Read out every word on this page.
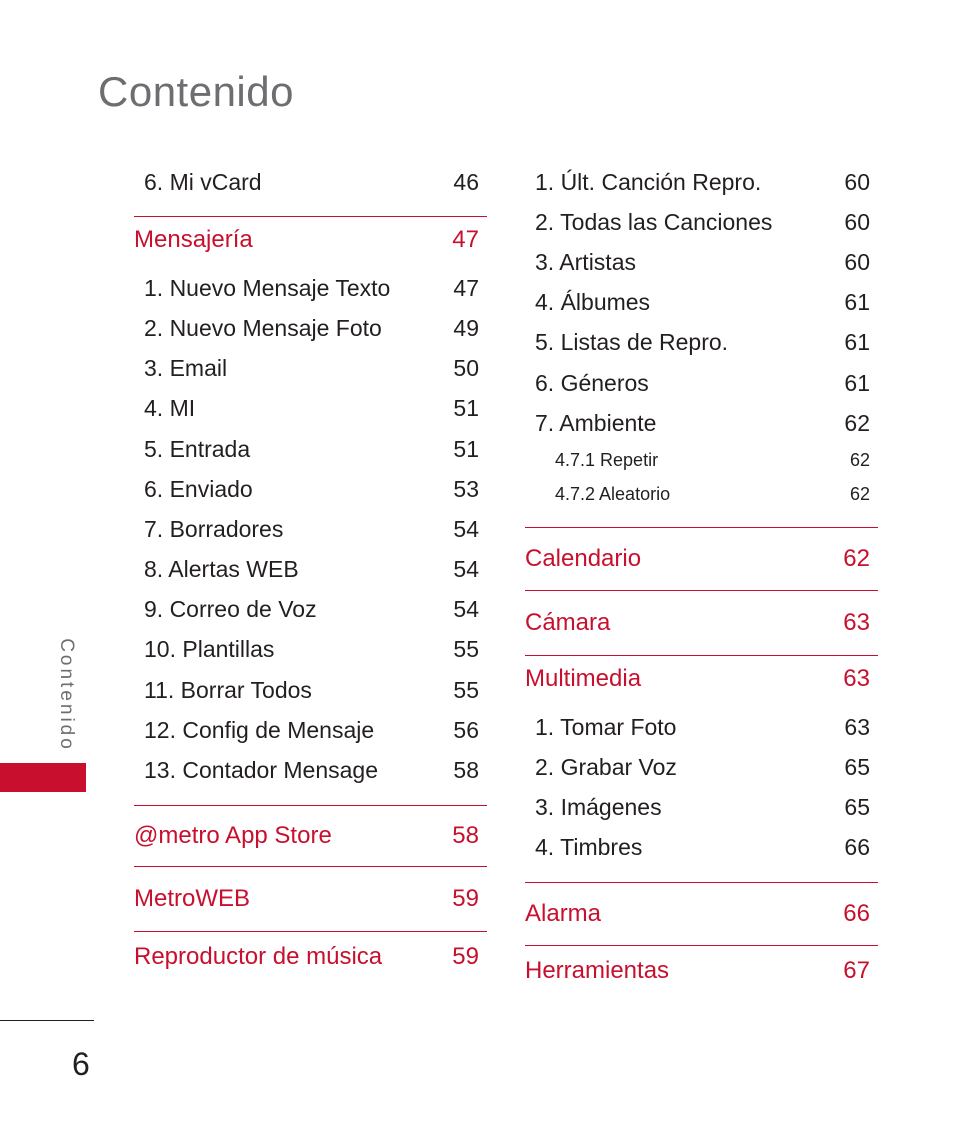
Contenido
6. Mi vCard	46
Mensajería	47
1. Nuevo Mensaje Texto	47
2. Nuevo Mensaje Foto	49
3. Email	50
4. MI	51
5. Entrada	51
6. Enviado	53
7. Borradores	54
8. Alertas WEB	54
9. Correo de Voz	54
10. Plantillas	55
11. Borrar Todos	55
12. Config de Mensaje	56
13. Contador Mensage	58
@metro App Store	58
MetroWEB	59
Reproductor de música	59
1. Últ. Canción Repro.	60
2. Todas las Canciones	60
3. Artistas	60
4. Álbumes	61
5. Listas de Repro.	61
6. Géneros	61
7. Ambiente	62
4.7.1 Repetir	62
4.7.2 Aleatorio	62
Calendario	62
Cámara	63
Multimedia	63
1. Tomar Foto	63
2. Grabar Voz	65
3. Imágenes	65
4. Timbres	66
Alarma	66
Herramientas	67
Contenido
6
